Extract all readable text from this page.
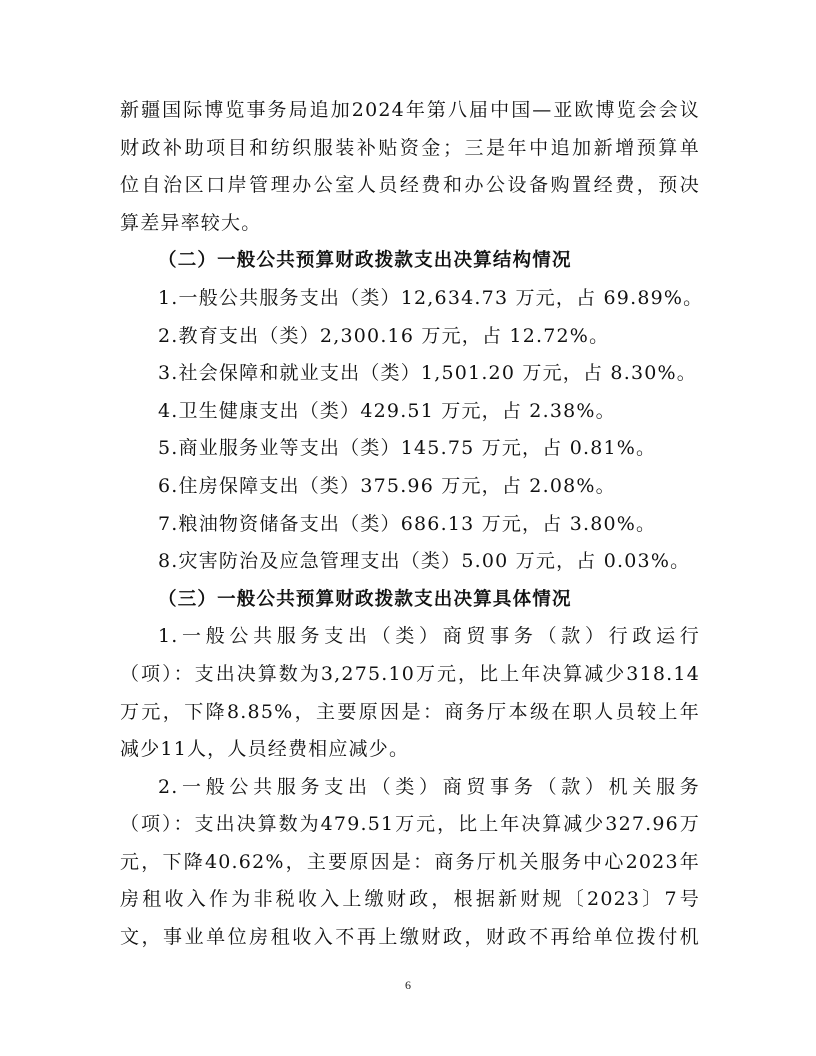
新疆国际博览事务局追加2024年第八届中国—亚欧博览会会议
财政补助项目和纺织服装补贴资金；三是年中追加新增预算单
位自治区口岸管理办公室人员经费和办公设备购置经费，预决
算差异率较大。
（二）一般公共预算财政拨款支出决算结构情况
1.一般公共服务支出（类）12,634.73 万元，占 69.89%。
2.教育支出（类）2,300.16 万元，占 12.72%。
3.社会保障和就业支出（类）1,501.20 万元，占 8.30%。
4.卫生健康支出（类）429.51 万元，占 2.38%。
5.商业服务业等支出（类）145.75 万元，占 0.81%。
6.住房保障支出（类）375.96 万元，占 2.08%。
7.粮油物资储备支出（类）686.13 万元，占 3.80%。
8.灾害防治及应急管理支出（类）5.00 万元，占 0.03%。
（三）一般公共预算财政拨款支出决算具体情况
1.一般公共服务支出（类）商贸事务（款）行政运行
（项）：支出决算数为3,275.10万元，比上年决算减少318.14
万元，下降8.85%，主要原因是：商务厅本级在职人员较上年
减少11人，人员经费相应减少。
2.一般公共服务支出（类）商贸事务（款）机关服务
（项）：支出决算数为479.51万元，比上年决算减少327.96万
元，下降40.62%，主要原因是：商务厅机关服务中心2023年
房租收入作为非税收入上缴财政，根据新财规〔2023〕7号
文，事业单位房租收入不再上缴财政，财政不再给单位拨付机
6
